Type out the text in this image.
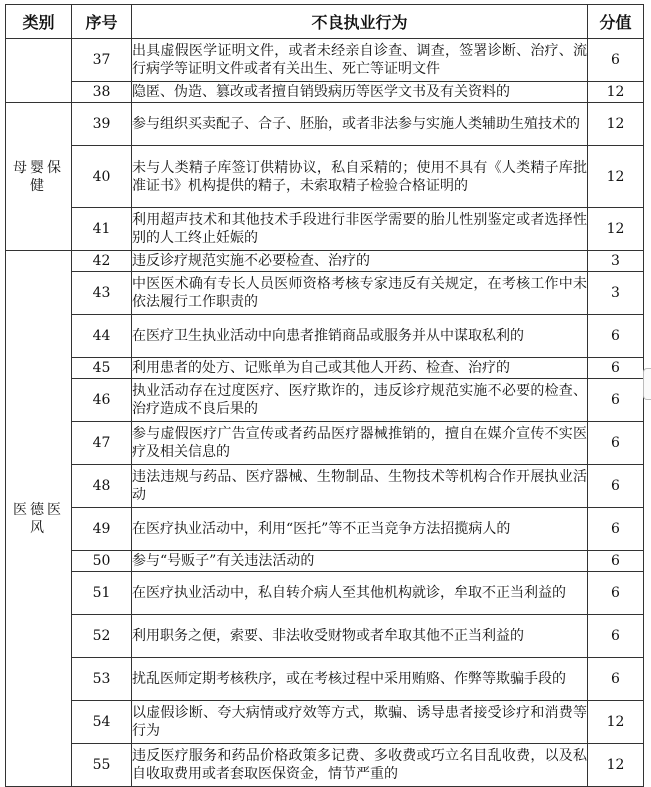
类别	序号	不良执业行为	分值
	37	出具虚假医学证明文件，或者未经亲自诊查、调查，签署诊断、治疗、流行病学等证明文件或者有关出生、死亡等证明文件	6
	38	隐匿、伪造、篡改或者擅自销毁病历等医学文书及有关资料的	12
母婴保健	39	参与组织买卖配子、合子、胚胎，或者非法参与实施人类辅助生殖技术的	12
	40	未与人类精子库签订供精协议，私自采精的；使用不具有《人类精子库批准证书》机构提供的精子，未索取精子检验合格证明的	12
	41	利用超声技术和其他技术手段进行非医学需要的胎儿性别鉴定或者选择性别的人工终止妊娠的	12
医德医风	42	违反诊疗规范实施不必要检查、治疗的	3
	43	中医医术确有专长人员医师资格考核专家违反有关规定，在考核工作中未依法履行工作职责的	3
	44	在医疗卫生执业活动中向患者推销商品或服务并从中谋取私利的	6
	45	利用患者的处方、记账单为自己或其他人开药、检查、治疗的	6
	46	执业活动存在过度医疗、医疗欺诈的，违反诊疗规范实施不必要的检查、治疗造成不良后果的	6
	47	参与虚假医疗广告宣传或者药品医疗器械推销的，擅自在媒介宣传不实医疗及相关信息的	6
	48	违法违规与药品、医疗器械、生物制品、生物技术等机构合作开展执业活动	6
	49	在医疗执业活动中，利用“医托”等不正当竞争方法招揽病人的	6
	50	参与“号贩子”有关违法活动的	6
	51	在医疗执业活动中，私自转介病人至其他机构就诊，牟取不正当利益的	6
	52	利用职务之便，索要、非法收受财物或者牟取其他不正当利益的	6
	53	扰乱医师定期考核秩序，或在考核过程中采用贿赂、作弊等欺骗手段的	6
	54	以虚假诊断、夸大病情或疗效等方式，欺骗、诱导患者接受诊疗和消费等行为	12
	55	违反医疗服务和药品价格政策多记费、多收费或巧立名目乱收费，以及私自收取费用或者套取医保资金，情节严重的	12
